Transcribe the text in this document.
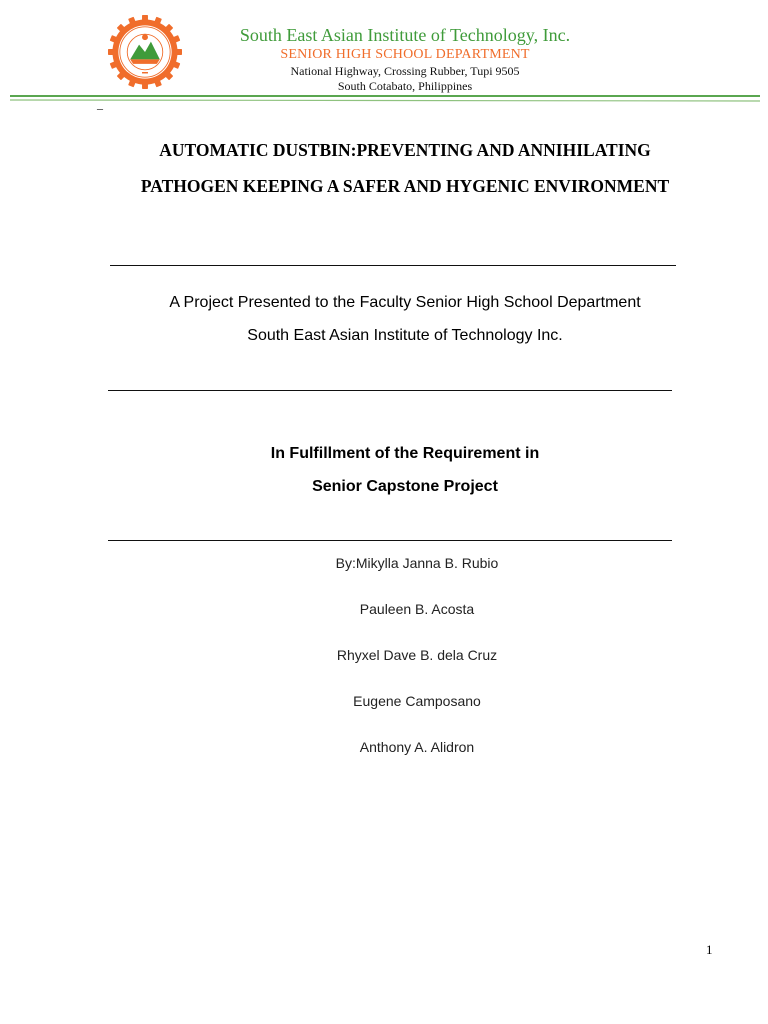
South East Asian Institute of Technology, Inc.
SENIOR HIGH SCHOOL DEPARTMENT
National Highway, Crossing Rubber, Tupi 9505
South Cotabato, Philippines
–
AUTOMATIC DUSTBIN:PREVENTING AND ANNIHILATING
PATHOGEN KEEPING A SAFER AND HYGENIC ENVIRONMENT
A Project Presented to the Faculty Senior High School Department
South East Asian Institute of Technology Inc.
In Fulfillment of the Requirement in
Senior Capstone Project
By:Mikylla Janna B. Rubio
Pauleen B. Acosta
Rhyxel Dave B. dela Cruz
Eugene Camposano
Anthony A. Alidron
1
